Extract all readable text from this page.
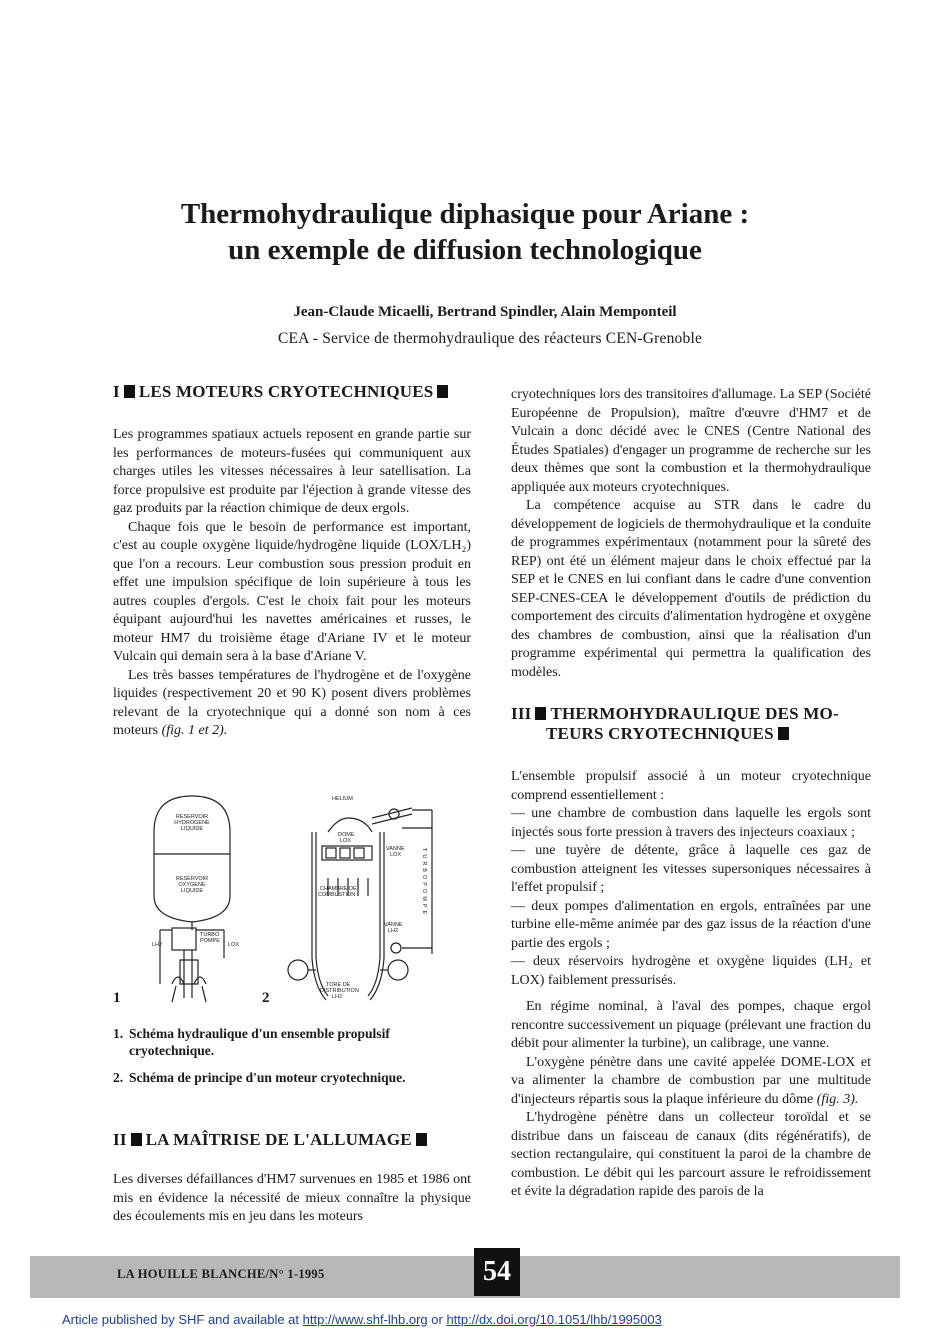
Thermohydraulique diphasique pour Ariane :
un exemple de diffusion technologique
Jean-Claude Micaelli, Bertrand Spindler, Alain Memponteil
CEA - Service de thermohydraulique des réacteurs CEN-Grenoble
I LES MOTEURS CRYOTECHNIQUES

Les programmes spatiaux actuels reposent en grande partie sur les performances de moteurs-fusées qui communiquent aux charges utiles les vitesses nécessaires à leur satellisation. La force propulsive est produite par l'éjection à grande vitesse des gaz produits par la réaction chimique de deux ergols.

Chaque fois que le besoin de performance est important, c'est au couple oxygène liquide/hydrogène liquide (LOX/LH₂) que l'on a recours. Leur combustion sous pression produit en effet une impulsion spécifique de loin supérieure à tous les autres couples d'ergols. C'est le choix fait pour les moteurs équipant aujourd'hui les navettes américaines et russes, le moteur HM7 du troisième étage d'Ariane IV et le moteur Vulcain qui demain sera à la base d'Ariane V.

Les très basses températures de l'hydrogène et de l'oxygène liquides (respectivement 20 et 90 K) posent divers problèmes relevant de la cryotechnique qui a donné son nom à ces moteurs (fig. 1 et 2).

RESERVOIR
HYDROGENE
LIQUIDE
RESERVOIR
OXYGENE
LIQUIDE
TURBO
POMPE
LH2	LOX
HELIUM
DOME
LOX
VANNE
LOX
CHAMBRE DE
COMBUSTION
VANNE
LH2
TORE DE
DISTRIBUTION
LH2
TURBOPOMPE
1	2
1. Schéma hydraulique d'un ensemble propulsif cryotechnique.
2. Schéma de principe d'un moteur cryotechnique.
II LA MAÎTRISE DE L'ALLUMAGE

Les diverses défaillances d'HM7 survenues en 1985 et 1986 ont mis en évidence la nécessité de mieux connaître la physique des écoulements mis en jeu dans les moteurs

cryotechniques lors des transitoires d'allumage. La SEP (Société Européenne de Propulsion), maître d'œuvre d'HM7 et de Vulcain a donc décidé avec le CNES (Centre National des Études Spatiales) d'engager un programme de recherche sur les deux thèmes que sont la combustion et la thermohydraulique appliquée aux moteurs cryotechniques.

La compétence acquise au STR dans le cadre du développement de logiciels de thermohydraulique et la conduite de programmes expérimentaux (notamment pour la sûreté des REP) ont été un élément majeur dans le choix effectué par la SEP et le CNES en lui confiant dans le cadre d'une convention SEP-CNES-CEA le développement d'outils de prédiction du comportement des circuits d'alimentation hydrogène et oxygène des chambres de combustion, ainsi que la réalisation d'un programme expérimental qui permettra la qualification des modèles.

III THERMOHYDRAULIQUE DES MO-
TEURS CRYOTECHNIQUES

L'ensemble propulsif associé à un moteur cryotechnique comprend essentiellement :

— une chambre de combustion dans laquelle les ergols sont injectés sous forte pression à travers des injecteurs coaxiaux ;

— une tuyère de détente, grâce à laquelle ces gaz de combustion atteignent les vitesses supersoniques nécessaires à l'effet propulsif ;

— deux pompes d'alimentation en ergols, entraînées par une turbine elle-même animée par des gaz issus de la réaction d'une partie des ergols ;

— deux réservoirs hydrogène et oxygène liquides (LH₂ et LOX) faiblement pressurisés.

En régime nominal, à l'aval des pompes, chaque ergol rencontre successivement un piquage (prélevant une fraction du débit pour alimenter la turbine), un calibrage, une vanne.

L'oxygène pénètre dans une cavité appelée DOME-LOX et va alimenter la chambre de combustion par une multitude d'injecteurs répartis sous la plaque inférieure du dôme (fig. 3).

L'hydrogène pénètre dans un collecteur toroïdal et se distribue dans un faisceau de canaux (dits régénératifs), de section rectangulaire, qui constituent la paroi de la chambre de combustion. Le débit qui les parcourt assure le refroidissement et évite la dégradation rapide des parois de la

LA HOUILLE BLANCHE/N° 1-1995	54
Article published by SHF and available at http://www.shf-lhb.org or http://dx.doi.org/10.1051/lhb/1995003
